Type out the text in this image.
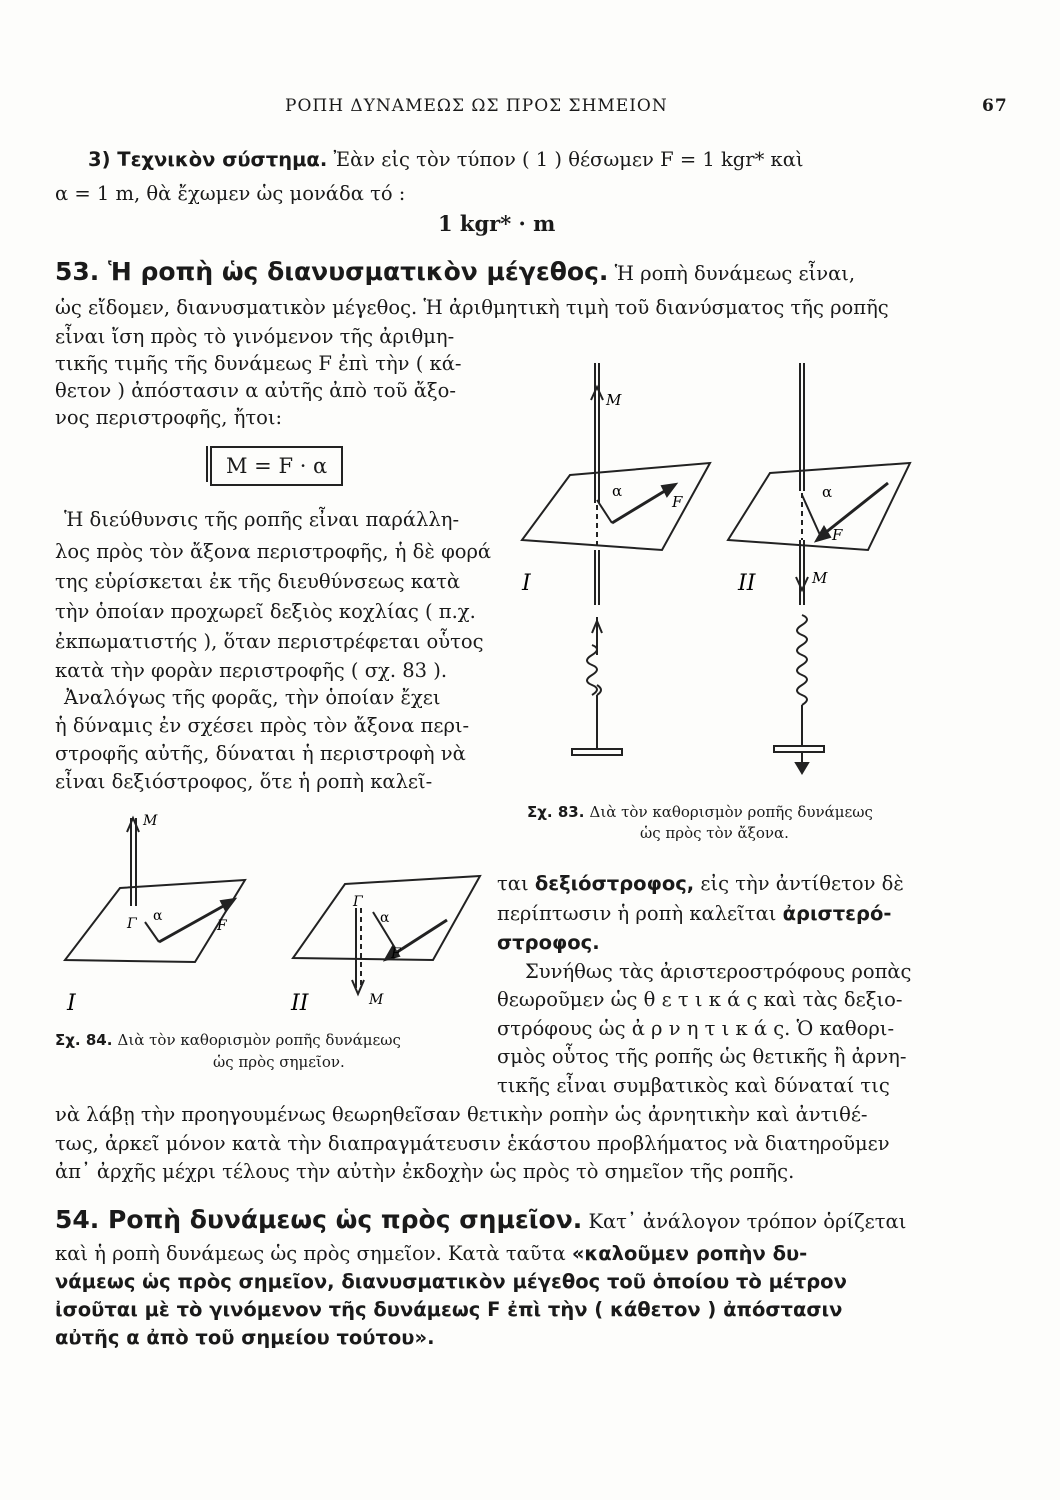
ΡΟΠΗ ΔΥΝΑΜΕΩΣ ΩΣ ΠΡΟΣ ΣΗΜΕΙΟΝ	67
3) Τεχνικὸν σύστημα. Ἐὰν εἰς τὸν τύπον ( 1 ) θέσωμεν F = 1 kgr* καὶ
α = 1 m, θὰ ἔχωμεν ὡς μονάδα τό :
1 kgr* · m
53. Ἡ ροπὴ ὡς διανυσματικὸν μέγεθος. Ἡ ροπὴ δυνάμεως εἶναι,
ὡς εἴδομεν, διανυσματικὸν μέγεθος. Ἡ ἀριθμητικὴ τιμὴ τοῦ διανύσματος τῆς ροπῆς
εἶναι ἴση πρὸς τὸ γινόμενον τῆς ἀριθμη-
τικῆς τιμῆς τῆς δυνάμεως F ἐπὶ τὴν ( κά-
θετον ) ἀπόστασιν α αὐτῆς ἀπὸ τοῦ ἄξο-
νος περιστροφῆς, ἤτοι:
M = F · α
Ἡ διεύθυνσις τῆς ροπῆς εἶναι παράλλη-
λος πρὸς τὸν ἄξονα περιστροφῆς, ἡ δὲ φορά
της εὑρίσκεται ἐκ τῆς διευθύνσεως κατὰ
τὴν ὁποίαν προχωρεῖ δεξιὸς κοχλίας ( π.χ.
ἐκπωματιστής ), ὅταν περιστρέφεται οὗτος
κατὰ τὴν φορὰν περιστροφῆς ( σχ. 83 ).
Ἀναλόγως τῆς φορᾶς, τὴν ὁποίαν ἔχει
ἡ δύναμις ἐν σχέσει πρὸς τὸν ἄξονα περι-
στροφῆς αὐτῆς, δύναται ἡ περιστροφὴ νὰ
εἶναι δεξιόστροφος, ὅτε ἡ ροπὴ καλεῖ-
M
α
F
I
α
F
M
II
Σχ. 83. Διὰ τὸν καθορισμὸν ροπῆς δυνάμεως
ὡς πρὸς τὸν ἄξονα.
M
Γ α
F
I
Γ
α
F
M
II
Σχ. 84. Διὰ τὸν καθορισμὸν ροπῆς δυνάμεως
ὡς πρὸς σημεῖον.
ται δεξιόστροφος, εἰς τὴν ἀντίθετον δὲ
περίπτωσιν ἡ ροπὴ καλεῖται ἀριστερό-
στροφος.
Συνήθως τὰς ἀριστεροστρόφους ροπὰς
θεωροῦμεν ὡς θ ε τ ι κ ά ς καὶ τὰς δεξιο-
στρόφους ὡς ἀ ρ ν η τ ι κ ά ς. Ὁ καθορι-
σμὸς οὗτος τῆς ροπῆς ὡς θετικῆς ἢ ἀρνη-
τικῆς εἶναι συμβατικὸς καὶ δύναταί τις
νὰ λάβῃ τὴν προηγουμένως θεωρηθεῖσαν θετικὴν ροπὴν ὡς ἀρνητικὴν καὶ ἀντιθέ-
τως, ἀρκεῖ μόνον κατὰ τὴν διαπραγμάτευσιν ἑκάστου προβλήματος νὰ διατηροῦμεν
ἀπ᾽ ἀρχῆς μέχρι τέλους τὴν αὐτὴν ἐκδοχὴν ὡς πρὸς τὸ σημεῖον τῆς ροπῆς.
54. Ροπὴ δυνάμεως ὡς πρὸς σημεῖον. Κατ᾽ ἀνάλογον τρόπον ὁρίζεται
καὶ ἡ ροπὴ δυνάμεως ὡς πρὸς σημεῖον. Κατὰ ταῦτα «καλοῦμεν ροπὴν δυ-
νάμεως ὡς πρὸς σημεῖον, διανυσματικὸν μέγεθος τοῦ ὁποίου τὸ μέτρον
ἰσοῦται μὲ τὸ γινόμενον τῆς δυνάμεως F ἐπὶ τὴν ( κάθετον ) ἀπόστασιν
αὐτῆς α ἀπὸ τοῦ σημείου τούτου».
